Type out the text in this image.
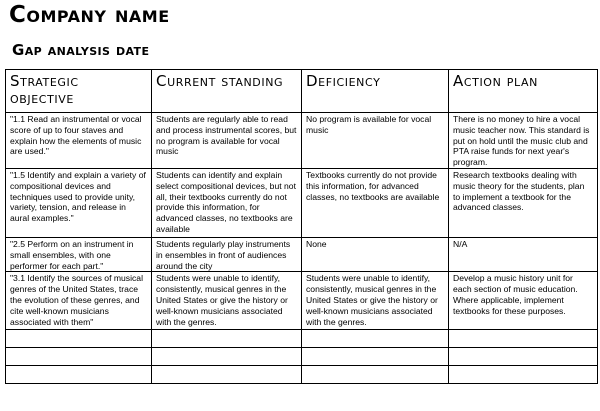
Company name
Gap analysis date
Strategic objective	Current standing	Deficiency	Action plan
"1.1 Read an instrumental or vocal score of up to four staves and explain how the elements of music are used."	Students are regularly able to read and process instrumental scores, but no program is available for vocal music	No program is available for vocal music	There is no money to hire a vocal music teacher now. This standard is put on hold until the music club and PTA raise funds for next year's program.
"1.5 Identify and explain a variety of compositional devices and techniques used to provide unity, variety, tension, and release in aural examples."	Students can identify and explain select compositional devices, but not all, their textbooks currently do not provide this information, for advanced classes, no textbooks are available	Textbooks currently do not provide this information, for advanced classes, no textbooks are available	Research textbooks dealing with music theory for the students, plan to implement a textbook for the advanced classes.
"2.5 Perform on an instrument in small ensembles, with one performer for each part."	Students regularly play instruments in ensembles in front of audiences around the city	None	N/A
"3.1 Identify the sources of musical genres of the United States, trace the evolution of these genres, and cite well-known musicians associated with them"	Students were unable to identify, consistently, musical genres in the United States or give the history or well-known musicians associated with the genres.	Students were unable to identify, consistently, musical genres in the United States or give the history or well-known musicians associated with the genres.	Develop a music history unit for each section of music education. Where applicable, implement textbooks for these purposes.
